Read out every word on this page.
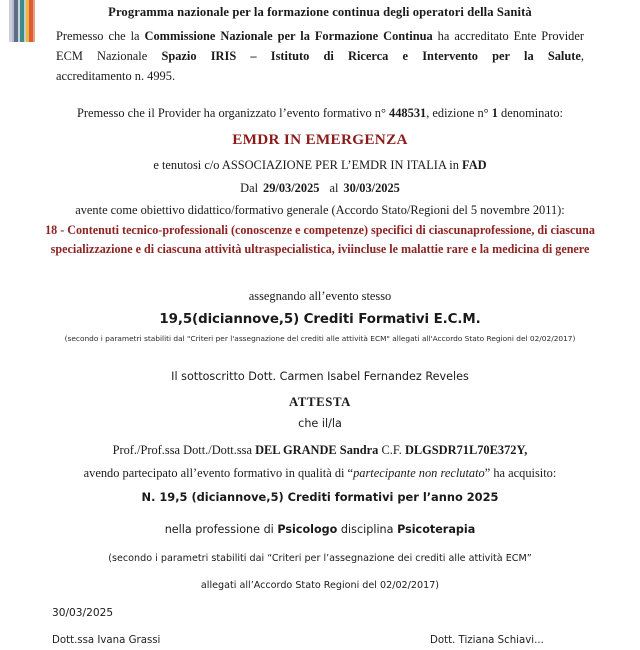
Programma nazionale per la formazione continua degli operatori della Sanità

Premesso che la Commissione Nazionale per la Formazione Continua ha accreditato Ente Provider ECM Nazionale Spazio IRIS – Istituto di Ricerca e Intervento per la Salute,

accreditamento n. 4995.

Premesso che il Provider ha organizzato l’evento formativo n° 448531, edizione n° 1 denominato:

EMDR IN EMERGENZA

e tenutosi c/o ASSOCIAZIONE PER L’EMDR IN ITALIA in FAD

Dal 29/03/2025 al 30/03/2025

avente come obiettivo didattico/formativo generale (Accordo Stato/Regioni del 5 novembre 2011):

18 - Contenuti tecnico-professionali (conoscenze e competenze) specifici di ciascunaprofessione, di ciascuna specializzazione e di ciascuna attività ultraspecialistica, iviincluse le malattie rare e la medicina di genere

assegnando all’evento stesso

19,5(diciannove,5) Crediti Formativi E.C.M.

(secondo i parametri stabiliti dal "Criteri per l'assegnazione del crediti alle attività ECM" allegati all'Accordo Stato Regioni del 02/02/2017)

Il sottoscritto Dott. Carmen Isabel Fernandez Reveles

ATTESTA

che il/la

Prof./Prof.ssa Dott./Dott.ssa DEL GRANDE Sandra C.F. DLGSDR71L70E372Y,

avendo partecipato all’evento formativo in qualità di “partecipante non reclutato” ha acquisito:

N. 19,5 (diciannove,5) Crediti formativi per l’anno 2025

nella professione di Psicologo disciplina Psicoterapia

(secondo i parametri stabiliti dai “Criteri per l’assegnazione dei crediti alle attività ECM”

allegati all’Accordo Stato Regioni del 02/02/2017)

30/03/2025

Dott.ssa Ivana Grassi	Dott. Tiziana Schiavi...
